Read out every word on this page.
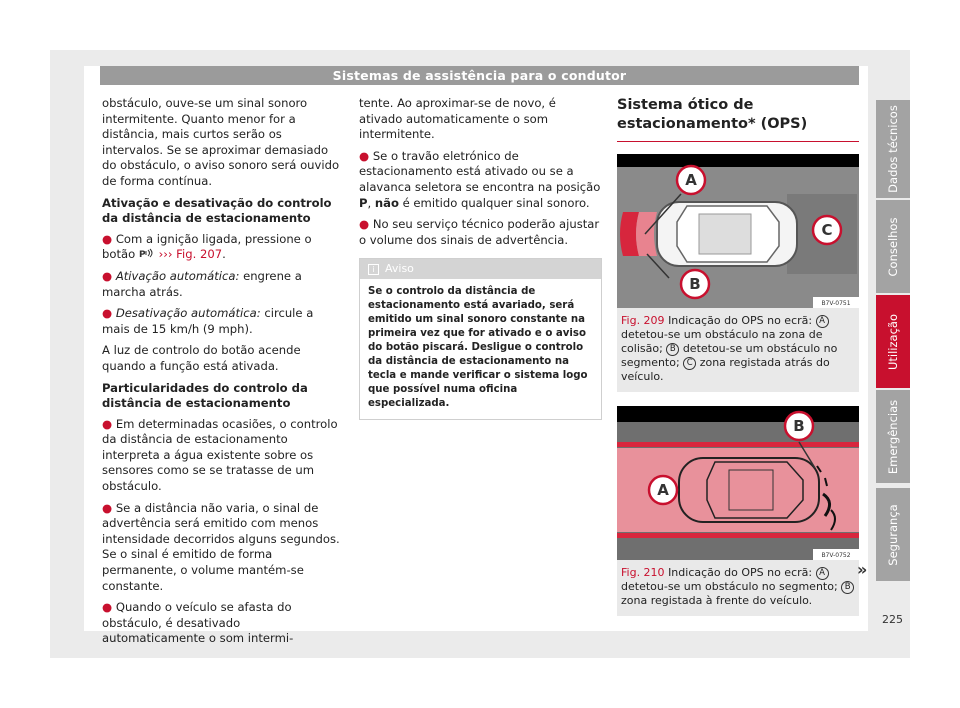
Sistemas de assistência para o condutor

obstáculo, ouve-se um sinal sonoro intermitente. Quanto menor for a distância, mais curtos serão os intervalos. Se se aproximar demasiado do obstáculo, o aviso sonoro será ouvido de forma contínua.

Ativação e desativação do controlo da distância de estacionamento

● Com a ignição ligada, pressione o botão P ››› Fig. 207.

● Ativação automática: engrene a marcha atrás.

● Desativação automática: circule a mais de 15 km/h (9 mph).

A luz de controlo do botão acende quando a função está ativada.

Particularidades do controlo da distância de estacionamento

● Em determinadas ocasiões, o controlo da distância de estacionamento interpreta a água existente sobre os sensores como se se tratasse de um obstáculo.

● Se a distância não varia, o sinal de advertência será emitido com menos intensidade decorridos alguns segundos. Se o sinal é emitido de forma permanente, o volume mantém-se constante.

● Quando o veículo se afasta do obstáculo, é desativado automaticamente o som intermi-

tente. Ao aproximar-se de novo, é ativado automaticamente o som intermitente.

● Se o travão eletrónico de estacionamento está ativado ou se a alavanca seletora se encontra na posição P, não é emitido qualquer sinal sonoro.

● No seu serviço técnico poderão ajustar o volume dos sinais de advertência.

i Aviso
Se o controlo da distância de estacionamento está avariado, será emitido um sinal sonoro constante na primeira vez que for ativado e o aviso do botão piscará. Desligue o controlo da distância de estacionamento na tecla e mande verificar o sistema logo que possível numa oficina especializada.
Sistema ótico de estacionamento* (OPS)
A
B
C
B7V-0751
Fig. 209 Indicação do OPS no ecrã: A detetou-se um obstáculo na zona de colisão; B detetou-se um obstáculo no segmento; C zona registada atrás do veículo.
A
B
B7V-0752
Fig. 210 Indicação do OPS no ecrã: A detetou-se um obstáculo no segmento; B zona registada à frente do veículo.
Dados técnicos
Conselhos
Utilização
Emergências
Segurança
»
225
